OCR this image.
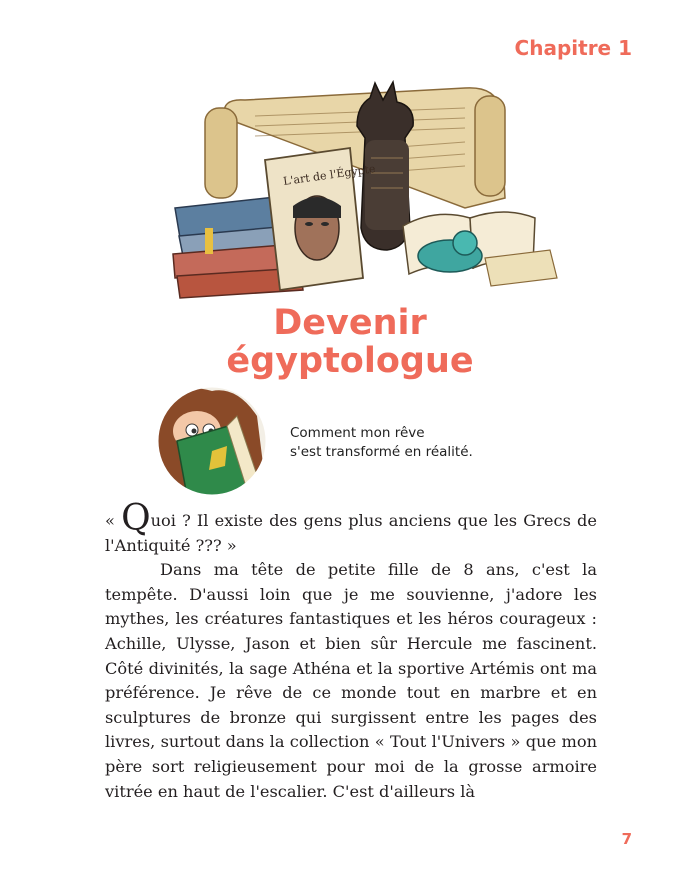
Chapitre 1
L'art de l'Égypte
Devenir
égyptologue
Comment mon rêve
s'est transformé en réalité.

« Quoi ? Il existe des gens plus anciens que les Grecs de l'Antiquité ??? »

Dans ma tête de petite fille de 8 ans, c'est la tempête. D'aussi loin que je me souvienne, j'adore les mythes, les créatures fantastiques et les héros courageux : Achille, Ulysse, Jason et bien sûr Hercule me fascinent. Côté divinités, la sage Athéna et la sportive Artémis ont ma préférence. Je rêve de ce monde tout en marbre et en sculptures de bronze qui surgissent entre les pages des livres, surtout dans la collection « Tout l'Univers » que mon père sort religieusement pour moi de la grosse armoire vitrée en haut de l'escalier. C'est d'ailleurs là

7
